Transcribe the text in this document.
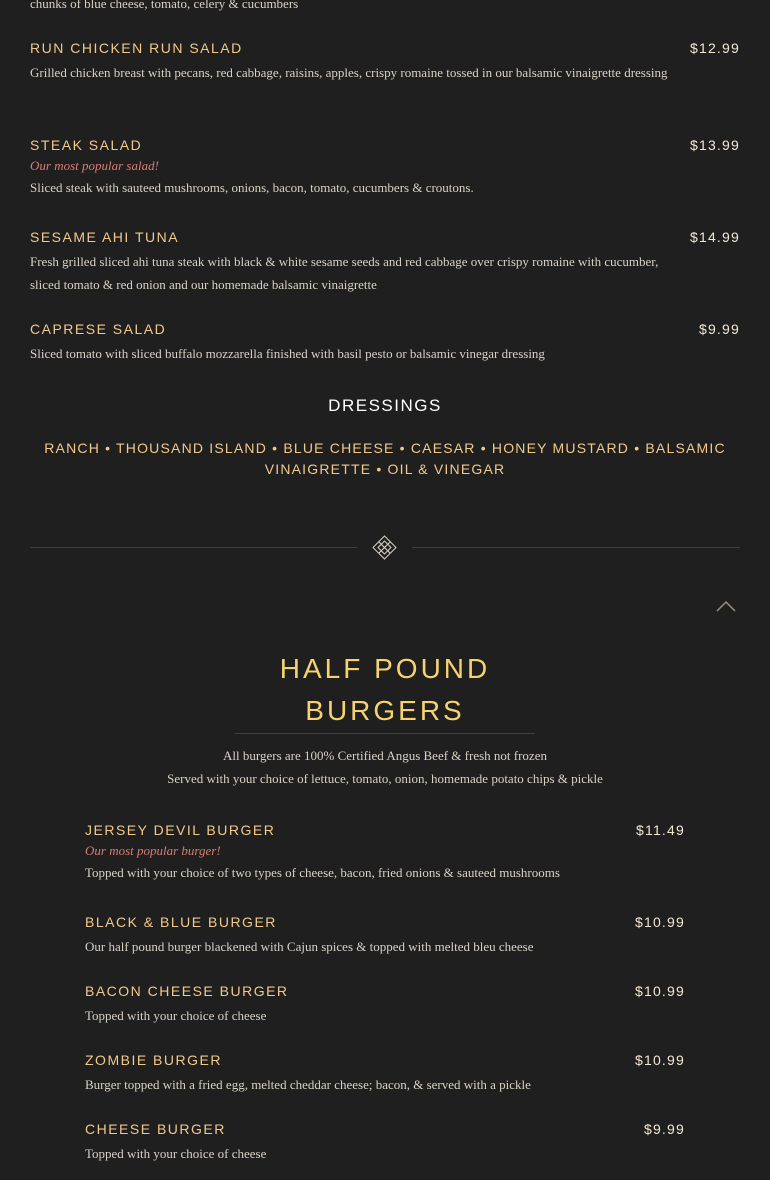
chunks of blue cheese, tomato, celery & cucumbers
RUN CHICKEN RUN SALAD	$12.99
Grilled chicken breast with pecans, red cabbage, raisins, apples, crispy romaine tossed in our balsamic vinaigrette dressing
STEAK SALAD	$13.99
Our most popular salad!
Sliced steak with sauteed mushrooms, onions, bacon, tomato, cucumbers & croutons.
SESAME AHI TUNA	$14.99
Fresh grilled sliced ahi tuna steak with black & white sesame seeds and red cabbage over crispy romaine with cucumber, sliced tomato & red onion and our homemade balsamic vinaigrette
CAPRESE SALAD	$9.99
Sliced tomato with sliced buffalo mozzarella finished with basil pesto or balsamic vinegar dressing
DRESSINGS
RANCH • THOUSAND ISLAND • BLUE CHEESE • CAESAR • HONEY MUSTARD • BALSAMIC VINAIGRETTE • OIL & VINEGAR
HALF POUND
BURGERS
All burgers are 100% Certified Angus Beef & fresh not frozen
Served with your choice of lettuce, tomato, onion, homemade potato chips & pickle
JERSEY DEVIL BURGER	$11.49
Our most popular burger!
Topped with your choice of two types of cheese, bacon, fried onions & sauteed mushrooms
BLACK & BLUE BURGER	$10.99
Our half pound burger blackened with Cajun spices & topped with melted bleu cheese
BACON CHEESE BURGER	$10.99
Topped with your choice of cheese
ZOMBIE BURGER	$10.99
Burger topped with a fried egg, melted cheddar cheese; bacon, & served with a pickle
CHEESE BURGER	$9.99
Topped with your choice of cheese
